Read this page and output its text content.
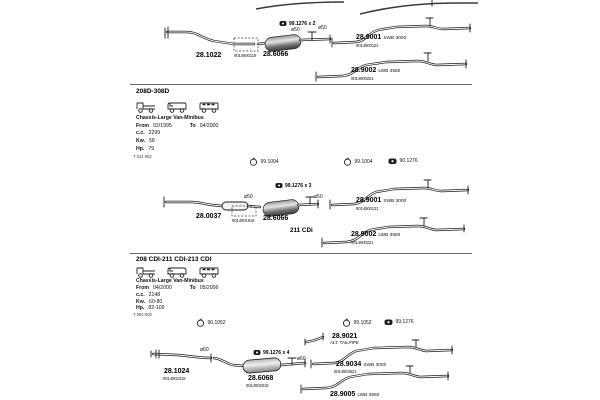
99.1276 x 2
28.1022	9014900119 28.6066
ø50	ø50
28.9001 SWB 3000
9014900121
28.9002 LWB 3550
9014900221
208D-308D

Chassis-Large Van-Minibus
From 02/1995	To 04/2000
c.c. 2299
Kw. 58
Hp. 79
T 011-002
99.1004	99.1004	90.1276
99.1276 x 3
ø50	ø50
28.0037
9014901919 28.6066
211 CDi
28.9001 SWB 3000
9014900121
28.9002 LWB 3550
9014900221
208 CDI-211 CDI-213 CDI

Chassis-Large Van-Minibus
From 04/2000	To 05/2006
c.c. 2148
Kw. 60-80
Hp. 82-109
T 091-002
90.1052	99.1052	99.1276
ø60	99.1276 x 4
28.1024
9014902319	28.6068
9014902019
ø60
28.9021
ALT. TAILPIPE
28.9034 SWB 3000
9014903521
28.9005 LWB 3550
